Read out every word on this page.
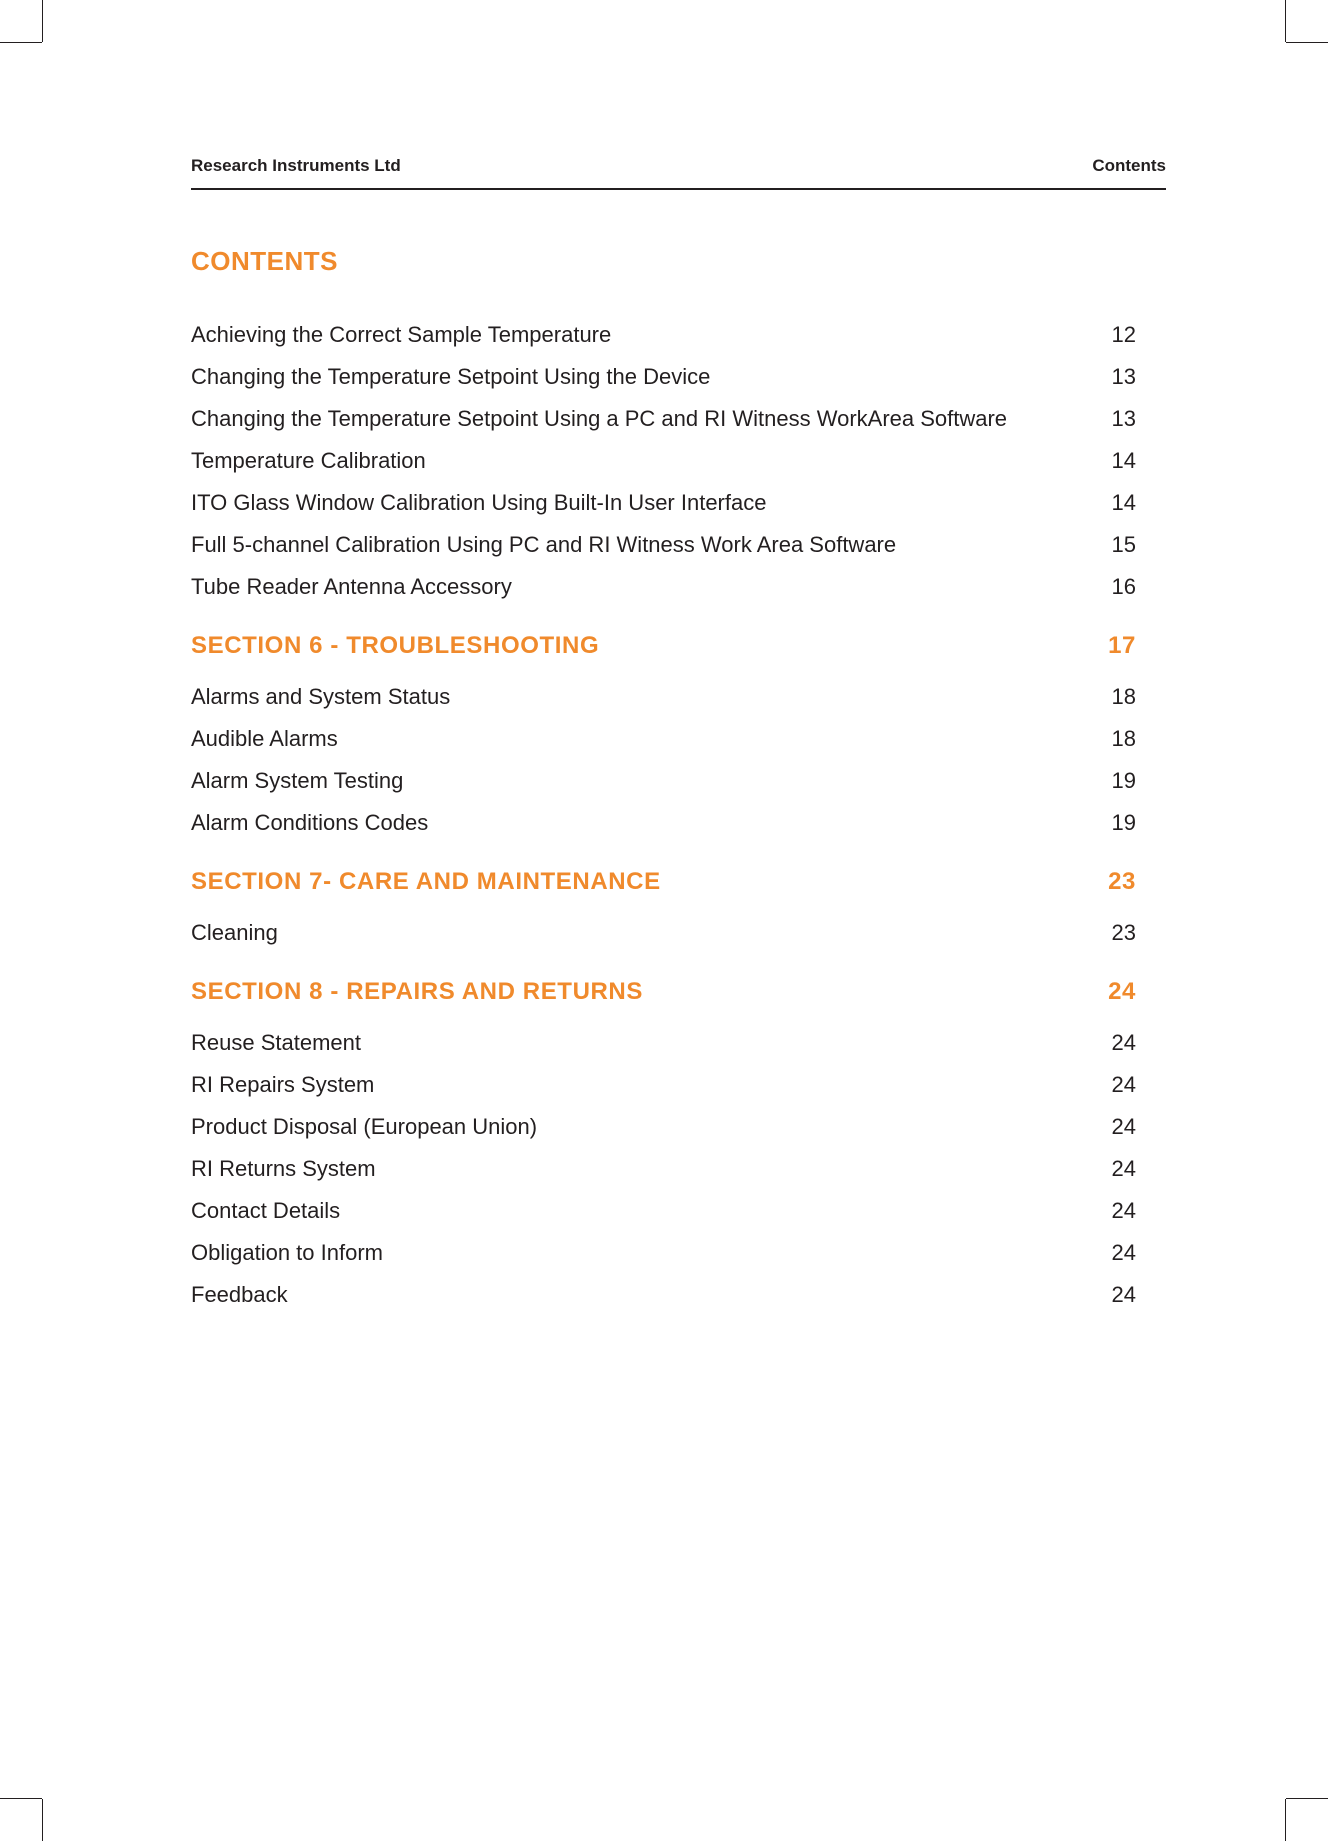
Research Instruments Ltd	Contents
CONTENTS
Achieving the Correct Sample Temperature	12
Changing the Temperature Setpoint Using the Device	13
Changing the Temperature Setpoint Using a PC and RI Witness WorkArea Software	13
Temperature Calibration	14
ITO Glass Window Calibration Using Built-In User Interface	14
Full 5-channel Calibration Using PC and RI Witness Work Area Software	15
Tube Reader Antenna Accessory	16
SECTION 6 - TROUBLESHOOTING	17
Alarms and System Status	18
Audible Alarms	18
Alarm System Testing	19
Alarm Conditions Codes	19
SECTION 7- CARE AND MAINTENANCE	23
Cleaning	23
SECTION 8 - REPAIRS AND RETURNS	24
Reuse Statement	24
RI Repairs System	24
Product Disposal (European Union)	24
RI Returns System	24
Contact Details	24
Obligation to Inform	24
Feedback	24
